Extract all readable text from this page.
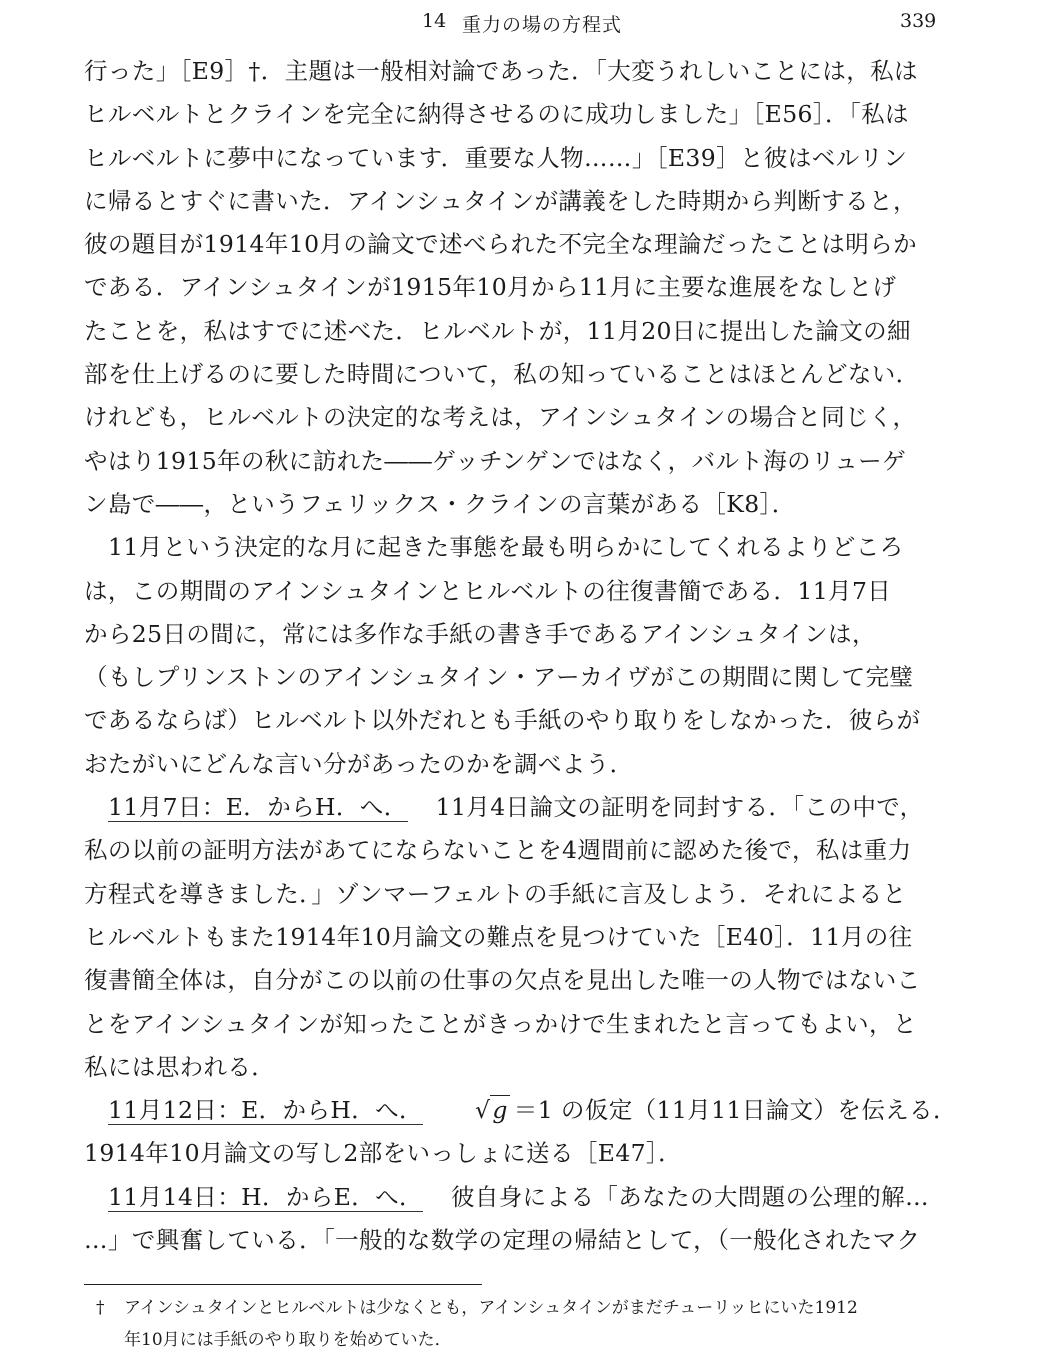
14 重力の場の方程式	339
行った」［E9］†．主題は一般相対論であった．「大変うれしいことには，私は
ヒルベルトとクラインを完全に納得させるのに成功しました」［E56］．「私は
ヒルベルトに夢中になっています．重要な人物……」［E39］と彼はベルリン
に帰るとすぐに書いた．アインシュタインが講義をした時期から判断すると，
彼の題目が1914年10月の論文で述べられた不完全な理論だったことは明らか
である．アインシュタインが1915年10月から11月に主要な進展をなしとげ
たことを，私はすでに述べた．ヒルベルトが，11月20日に提出した論文の細
部を仕上げるのに要した時間について，私の知っていることはほとんどない．
けれども，ヒルベルトの決定的な考えは，アインシュタインの場合と同じく，
やはり1915年の秋に訪れた――ゲッチンゲンではなく，バルト海のリューゲ
ン島で――，というフェリックス・クラインの言葉がある［K8］．
11月という決定的な月に起きた事態を最も明らかにしてくれるよりどころ
は，この期間のアインシュタインとヒルベルトの往復書簡である．11月7日
から25日の間に，常には多作な手紙の書き手であるアインシュタインは，
（もしプリンストンのアインシュタイン・アーカイヴがこの期間に関して完璧
であるならば）ヒルベルト以外だれとも手紙のやり取りをしなかった．彼らが
おたがいにどんな言い分があったのかを調べよう．
11月7日：E．からH．へ． 11月4日論文の証明を同封する．「この中で，
私の以前の証明方法があてにならないことを4週間前に認めた後で，私は重力
方程式を導きました．」ゾンマーフェルトの手紙に言及しよう．それによると
ヒルベルトもまた1914年10月論文の難点を見つけていた［E40］．11月の往
復書簡全体は，自分がこの以前の仕事の欠点を見出した唯一の人物ではないこ
とをアインシュタインが知ったことがきっかけで生まれたと言ってもよい，と
私には思われる．
11月12日：E．からH．へ． √g ＝1 の仮定（11月11日論文）を伝える．
1914年10月論文の写し2部をいっしょに送る［E47］．
11月14日：H．からE．へ． 彼自身による「あなたの大問題の公理的解…
…」で興奮している．「一般的な数学の定理の帰結として，（一般化されたマク
† アインシュタインとヒルベルトは少なくとも，アインシュタインがまだチューリッヒにいた1912
年10月には手紙のやり取りを始めていた．
